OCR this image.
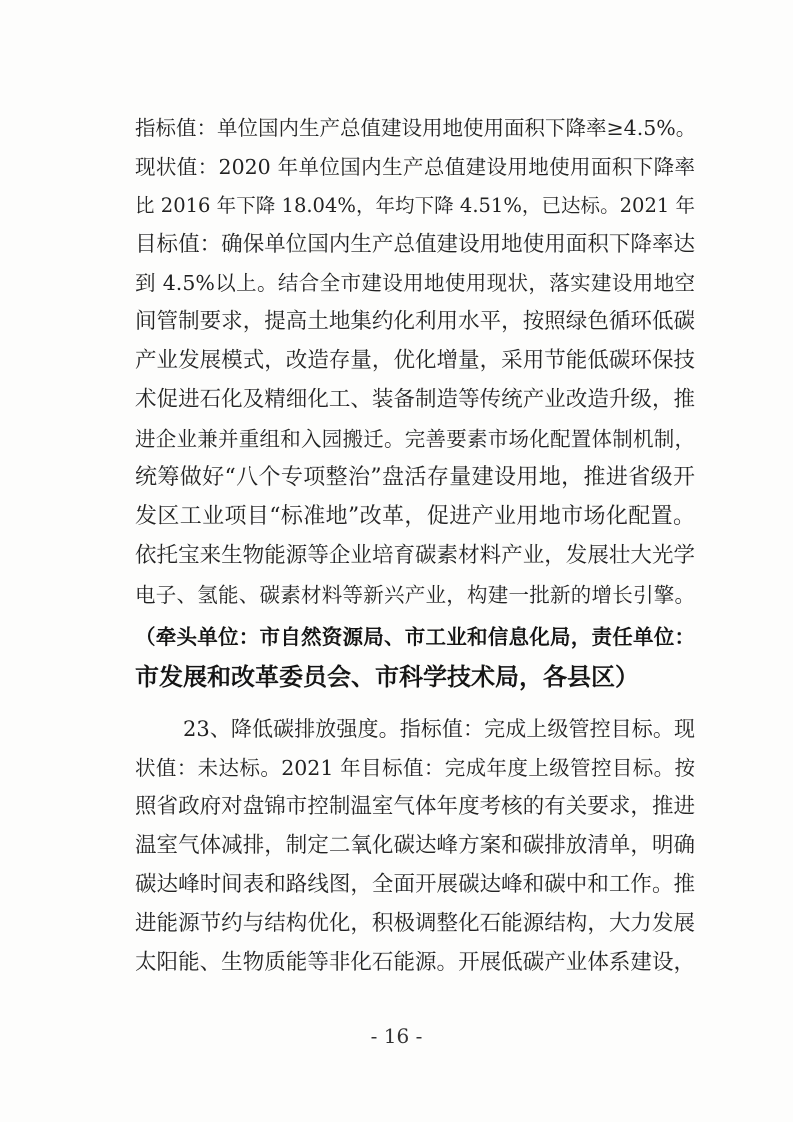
指标值：单位国内生产总值建设用地使用面积下降率≥4.5%。
现状值：2020 年单位国内生产总值建设用地使用面积下降率
比 2016 年下降 18.04%，年均下降 4.51%，已达标。2021 年
目标值：确保单位国内生产总值建设用地使用面积下降率达
到 4.5%以上。结合全市建设用地使用现状，落实建设用地空
间管制要求，提高土地集约化利用水平，按照绿色循环低碳
产业发展模式，改造存量，优化增量，采用节能低碳环保技
术促进石化及精细化工、装备制造等传统产业改造升级，推
进企业兼并重组和入园搬迁。完善要素市场化配置体制机制，
统筹做好“八个专项整治”盘活存量建设用地，推进省级开
发区工业项目“标准地”改革，促进产业用地市场化配置。
依托宝来生物能源等企业培育碳素材料产业，发展壮大光学
电子、氢能、碳素材料等新兴产业，构建一批新的增长引擎。
（牵头单位：市自然资源局、市工业和信息化局，责任单位：
市发展和改革委员会、市科学技术局，各县区）
23、降低碳排放强度。指标值：完成上级管控目标。现
状值：未达标。2021 年目标值：完成年度上级管控目标。按
照省政府对盘锦市控制温室气体年度考核的有关要求，推进
温室气体减排，制定二氧化碳达峰方案和碳排放清单，明确
碳达峰时间表和路线图，全面开展碳达峰和碳中和工作。推
进能源节约与结构优化，积极调整化石能源结构，大力发展
太阳能、生物质能等非化石能源。开展低碳产业体系建设，
- 16 -
